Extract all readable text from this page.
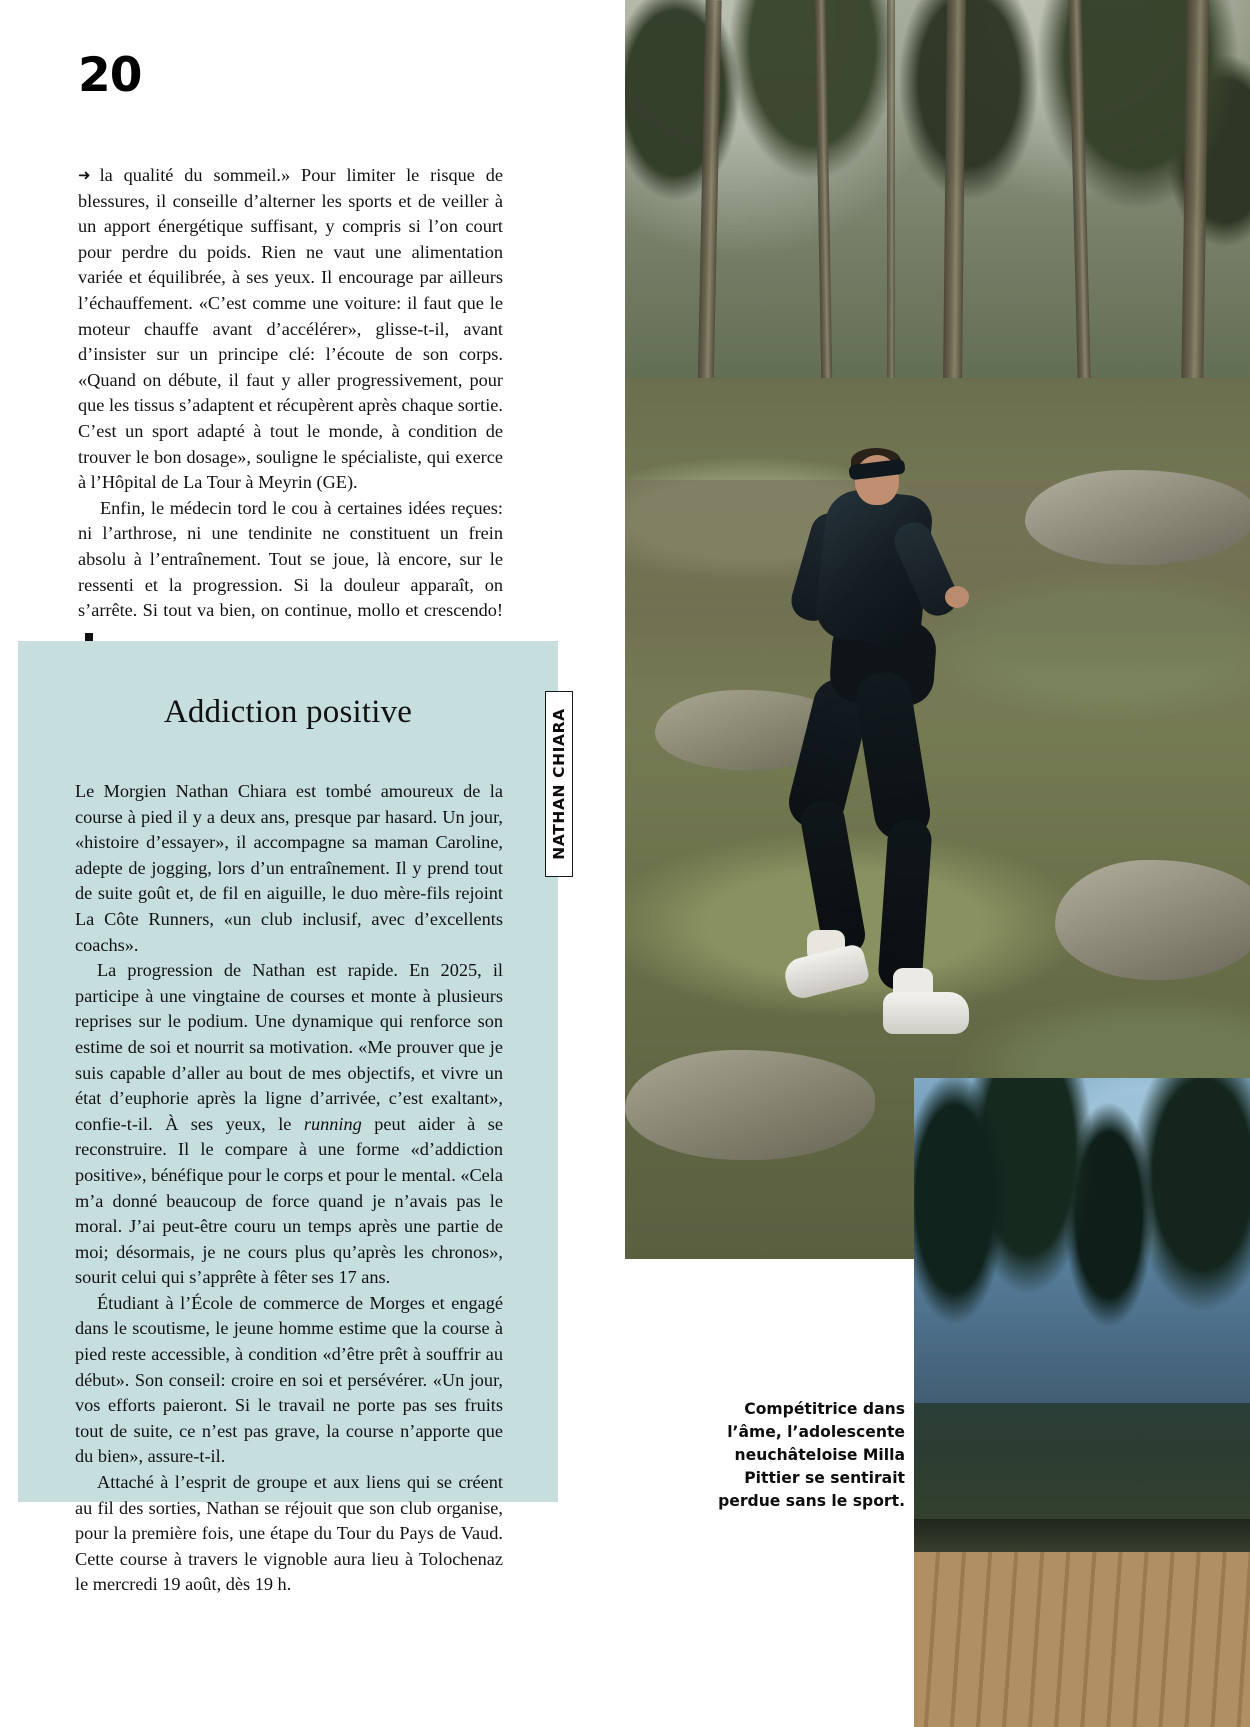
20

➜ la qualité du sommeil.» Pour limiter le risque de blessures, il conseille d’alterner les sports et de veiller à un apport énergétique suffisant, y compris si l’on court pour perdre du poids. Rien ne vaut une alimentation variée et équilibrée, à ses yeux. Il encourage par ailleurs l’échauffement. «C’est comme une voiture: il faut que le moteur chauffe avant d’accélérer», glisse-t-il, avant d’insister sur un principe clé: l’écoute de son corps. «Quand on débute, il faut y aller progressivement, pour que les tissus s’adaptent et récupèrent après chaque sortie. C’est un sport adapté à tout le monde, à condition de trouver le bon dosage», souligne le spécialiste, qui exerce à l’Hôpital de La Tour à Meyrin (GE).

Enfin, le médecin tord le cou à certaines idées reçues: ni l’arthrose, ni une tendinite ne constituent un frein absolu à l’entraînement. Tout se joue, là encore, sur le ressenti et la progression. Si la douleur apparaît, on s’arrête. Si tout va bien, on continue, mollo et crescendo!

Addiction positive

Le Morgien Nathan Chiara est tombé amoureux de la course à pied il y a deux ans, presque par hasard. Un jour, «histoire d’essayer», il accompagne sa maman Caroline, adepte de jogging, lors d’un entraînement. Il y prend tout de suite goût et, de fil en aiguille, le duo mère-fils rejoint La Côte Runners, «un club inclusif, avec d’excellents coachs».

La progression de Nathan est rapide. En 2025, il participe à une vingtaine de courses et monte à plusieurs reprises sur le podium. Une dynamique qui renforce son estime de soi et nourrit sa motivation. «Me prouver que je suis capable d’aller au bout de mes objectifs, et vivre un état d’euphorie après la ligne d’arrivée, c’est exaltant», confie-t-il. À ses yeux, le running peut aider à se reconstruire. Il le compare à une forme «d’addiction positive», bénéfique pour le corps et pour le mental. «Cela m’a donné beaucoup de force quand je n’avais pas le moral. J’ai peut-être couru un temps après une partie de moi; désormais, je ne cours plus qu’après les chronos», sourit celui qui s’apprête à fêter ses 17 ans.

Étudiant à l’École de commerce de Morges et engagé dans le scoutisme, le jeune homme estime que la course à pied reste accessible, à condition «d’être prêt à souffrir au début». Son conseil: croire en soi et persévérer. «Un jour, vos efforts paieront. Si le travail ne porte pas ses fruits tout de suite, ce n’est pas grave, la course n’apporte que du bien», assure-t-il.

Attaché à l’esprit de groupe et aux liens qui se créent au fil des sorties, Nathan se réjouit que son club organise, pour la première fois, une étape du Tour du Pays de Vaud. Cette course à travers le vignoble aura lieu à Tolochenaz le mercredi 19 août, dès 19 h.

NATHAN CHIARA
Compétitrice dans l’âme, l’adolescente neuchâteloise Milla Pittier se sentirait perdue sans le sport.
